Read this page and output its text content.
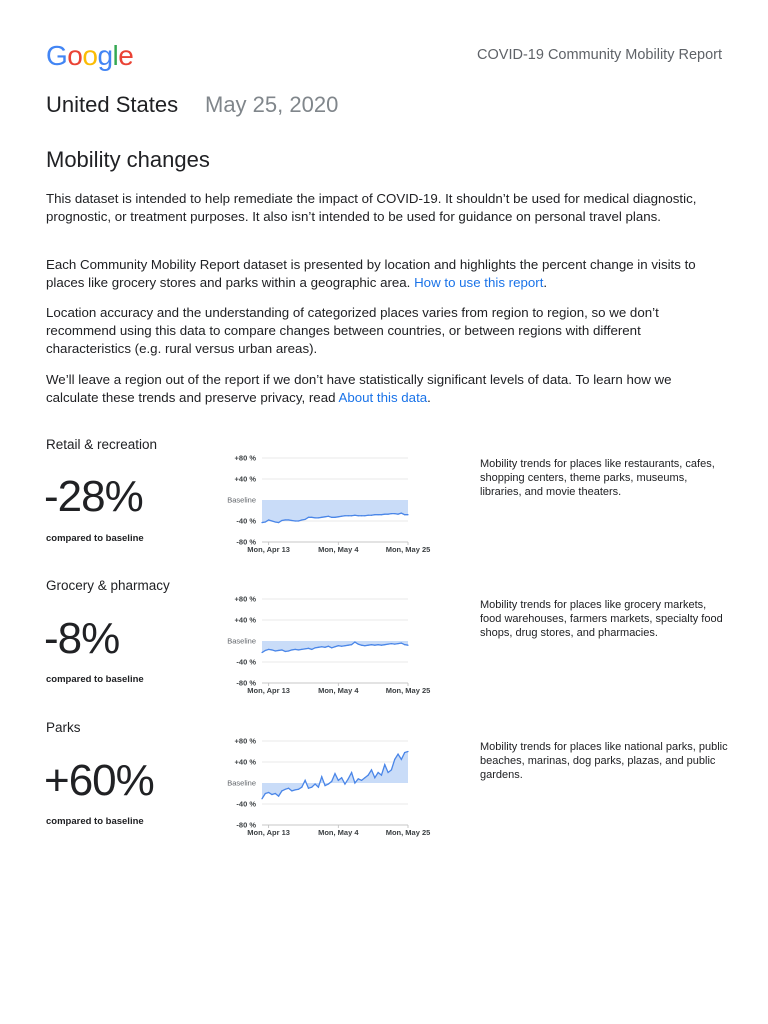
Google	COVID-19 Community Mobility Report
United States May 25, 2020
Mobility changes

This dataset is intended to help remediate the impact of COVID-19. It shouldn’t be used for medical diagnostic, prognostic, or treatment purposes. It also isn’t intended to be used for guidance on personal travel plans.

Each Community Mobility Report dataset is presented by location and highlights the percent change in visits to places like grocery stores and parks within a geographic area. How to use this report.

Location accuracy and the understanding of categorized places varies from region to region, so we don’t recommend using this data to compare changes between countries, or between regions with different characteristics (e.g. rural versus urban areas).

We’ll leave a region out of the report if we don’t have statistically significant levels of data. To learn how we calculate these trends and preserve privacy, read About this data.

Retail & recreation
-28%
compared to baseline
+80 %
+40 %
Baseline
-40 %
-80 %
Mon, Apr 13	Mon, May 4	Mon, May 25
Mobility trends for places like restaurants, cafes, shopping centers, theme parks, museums, libraries, and movie theaters.
Grocery & pharmacy
-8%
compared to baseline
+80 %
+40 %
Baseline
-40 %
-80 %
Mon, Apr 13	Mon, May 4	Mon, May 25
Mobility trends for places like grocery markets, food warehouses, farmers markets, specialty food shops, drug stores, and pharmacies.
Parks
+60%
compared to baseline
+80 %
+40 %
Baseline
-40 %
-80 %
Mon, Apr 13	Mon, May 4	Mon, May 25
Mobility trends for places like national parks, public beaches, marinas, dog parks, plazas, and public gardens.
